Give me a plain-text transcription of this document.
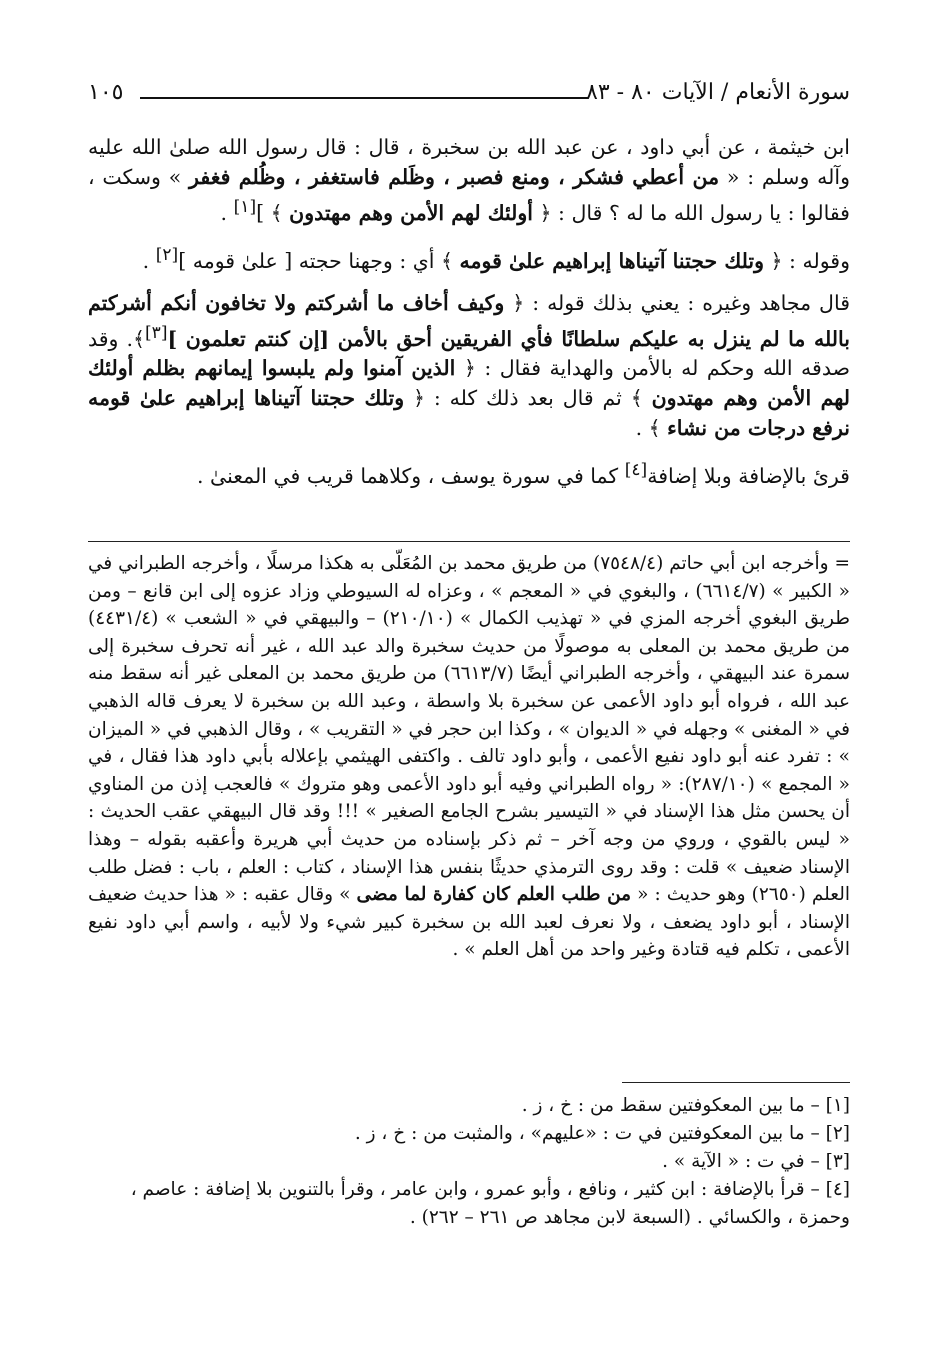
١٠٥	سورة الأنعام / الآيات ٨٠ - ٨٣

ابن خيثمة ، عن أبي داود ، عن عبد الله بن سخبرة ، قال : قال رسول الله صلىٰ الله عليه وآله وسلم : « من أعطي فشكر ، ومنع فصبر ، وظَلم فاستغفر ، وظُلم فغفر » وسكت ، فقالوا : يا رسول الله ما له ؟ قال : ﴿ أولئك لهم الأمن وهم مهتدون ﴾ ][١] .

وقوله : ﴿ وتلك حجتنا آتيناها إبراهيم علىٰ قومه ﴾ أي : وجهنا حجته [ علىٰ قومه ][٢] .

قال مجاهد وغيره : يعني بذلك قوله : ﴿ وكيف أخاف ما أشركتم ولا تخافون أنكم أشركتم بالله ما لم ينزل به عليكم سلطانًا فأي الفريقين أحق بالأمن [إن كنتم تعلمون ][٣]﴾. وقد صدقه الله وحكم له بالأمن والهداية فقال : ﴿ الذين آمنوا ولم يلبسوا إيمانهم بظلم أولئك لهم الأمن وهم مهتدون ﴾ ثم قال بعد ذلك كله : ﴿ وتلك حجتنا آتيناها إبراهيم علىٰ قومه نرفع درجات من نشاء ﴾ .

قرئ بالإضافة وبلا إضافة[٤] كما في سورة يوسف ، وكلاهما قريب في المعنىٰ .

= وأخرجه ابن أبي حاتم (٧٥٤٨/٤) من طريق محمد بن المُعَلّى به هكذا مرسلًا ، وأخرجه الطبراني في « الكبير » (٦٦١٤/٧) ، والبغوي في « المعجم » ، وعزاه له السيوطي وزاد عزوه إلى ابن قانع – ومن طريق البغوي أخرجه المزي في « تهذيب الكمال » (٢١٠/١٠) – والبيهقي في « الشعب » (٤٤٣١/٤) من طريق محمد بن المعلى به موصولًا من حديث سخبرة والد عبد الله ، غير أنه تحرف سخبرة إلى سمرة عند البيهقي ، وأخرجه الطبراني أيضًا (٦٦١٣/٧) من طريق محمد بن المعلى غير أنه سقط منه عبد الله ، فرواه أبو داود الأعمى عن سخبرة بلا واسطة ، وعبد الله بن سخبرة لا يعرف قاله الذهبي في « المغنى » وجهله في « الديوان » ، وكذا ابن حجر في « التقريب » ، وقال الذهبي في « الميزان » : تفرد عنه أبو داود نفيع الأعمى ، وأبو داود تالف . واكتفى الهيثمي بإعلاله بأبي داود هذا فقال ، في « المجمع » (٢٨٧/١٠): « رواه الطبراني وفيه أبو داود الأعمى وهو متروك » فالعجب إذن من المناوي أن يحسن مثل هذا الإسناد في « التيسير بشرح الجامع الصغير » !!! وقد قال البيهقي عقب الحديث : « ليس بالقوي ، وروي من وجه آخر – ثم ذكر بإسناده من حديث أبي هريرة وأعقبه بقوله – وهذا الإسناد ضعيف » قلت : وقد روى الترمذي حديثًا بنفس هذا الإسناد ، كتاب : العلم ، باب : فضل طلب العلم (٢٦٥٠) وهو حديث : « من طلب العلم كان كفارة لما مضى » وقال عقبه : « هذا حديث ضعيف الإسناد ، أبو داود يضعف ، ولا نعرف لعبد الله بن سخبرة كبير شيء ولا لأبيه ، واسم أبي داود نفيع الأعمى ، تكلم فيه قتادة وغير واحد من أهل العلم » .

[١] – ما بين المعكوفتين سقط من : خ ، ز .

[٢] – ما بين المعكوفتين في ت : «عليهم» ، والمثبت من : خ ، ز .

[٣] – في ت : « الآية » .

[٤] – قرأ بالإضافة : ابن كثير ، ونافع ، وأبو عمرو ، وابن عامر ، وقرأ بالتنوين بلا إضافة : عاصم ، وحمزة ، والكسائي . (السبعة لابن مجاهد ص ٢٦١ – ٢٦٢) .
